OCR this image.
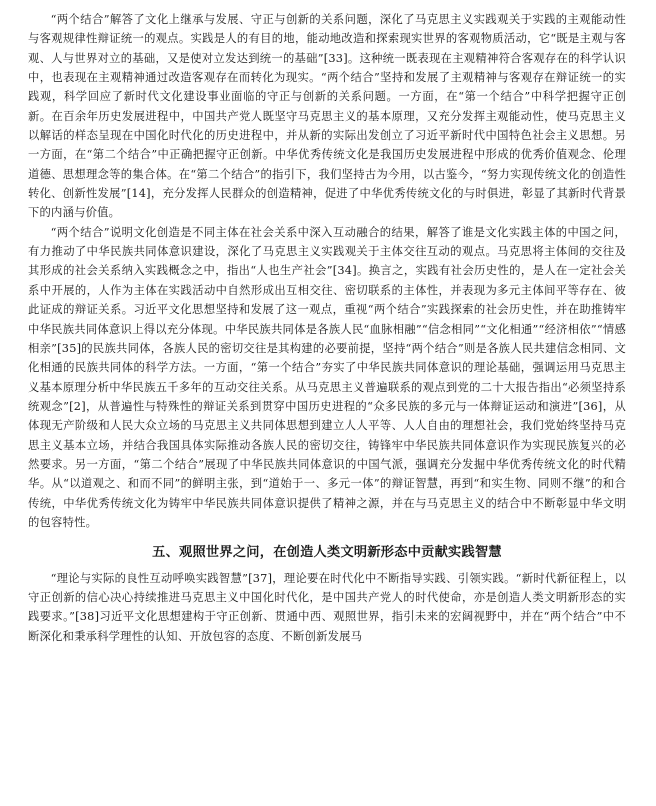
“两个结合”解答了文化上继承与发展、守正与创新的关系问题，深化了马克思主义实践观关于实践的主观能动性与客观规律性辩证统一的观点。实践是人的有目的地，能动地改造和探索现实世界的客观物质活动，它“既是主观与客观、人与世界对立的基础，又是使对立发达到统一的基础”[33]。这种统一既表现在主观精神符合客观存在的科学认识中，也表现在主观精神通过改造客观存在而转化为现实。“两个结合”坚持和发展了主观精神与客观存在辩证统一的实践观，科学回应了新时代文化建设事业面临的守正与创新的关系问题。一方面，在“第一个结合”中科学把握守正创新。在百余年历史发展进程中，中国共产党人既坚守马克思主义的基本原理，又充分发挥主观能动性，使马克思主义以解话的样态呈现在中国化时代化的历史进程中，并从新的实际出发创立了习近平新时代中国特色社会主义思想。另一方面，在“第二个结合”中正确把握守正创新。中华优秀传统文化是我国历史发展进程中形成的优秀价值观念、伦理道德、思想理念等的集合体。在“第二个结合”的指引下，我们坚持古为今用，以古鉴今，“努力实现传统文化的创造性转化、创新性发展”[14]，充分发挥人民群众的创造精神，促进了中华优秀传统文化的与时俱进，彰显了其新时代背景下的内涵与价值。

“两个结合”说明文化创造是不同主体在社会关系中深入互动融合的结果，解答了谁是文化实践主体的中国之问，有力推动了中华民族共同体意识建设，深化了马克思主义实践观关于主体交往互动的观点。马克思将主体间的交往及其形成的社会关系纳入实践概念之中，指出“人也生产社会”[34]。换言之，实践有社会历史性的，是人在一定社会关系中开展的，人作为主体在实践活动中自然形成出互相交往、密切联系的主体性，并表现为多元主体间平等存在、彼此证成的辩证关系。习近平文化思想坚持和发展了这一观点，重视“两个结合”实践探索的社会历史性，并在助推铸牢中华民族共同体意识上得以充分体现。中华民族共同体是各族人民“血脉相融”“信念相同”“文化相通”“经济相依”“情感相亲”[35]的民族共同体，各族人民的密切交往是其构建的必要前提，坚持“两个结合”则是各族人民共建信念相同、文化相通的民族共同体的科学方法。一方面，“第一个结合”夯实了中华民族共同体意识的理论基础，强调运用马克思主义基本原理分析中华民族五千多年的互动交往关系。从马克思主义普遍联系的观点到党的二十大报告指出“必须坚持系统观念”[2]，从普遍性与特殊性的辩证关系到贯穿中国历史进程的“众多民族的多元与一体辩证运动和演进”[36]，从体现无产阶级和人民大众立场的马克思主义共同体思想到建立人人平等、人人自由的理想社会，我们党始终坚持马克思主义基本立场，并结合我国具体实际推动各族人民的密切交往，铸锋牢中华民族共同体意识作为实现民族复兴的必然要求。另一方面，“第二个结合”展现了中华民族共同体意识的中国气派，强调充分发掘中华优秀传统文化的时代精华。从“以道观之、和而不同”的鲜明主张，到“道始于一、多元一体”的辩证智慧，再到“和实生物、同则不继”的和合传统，中华优秀传统文化为铸牢中华民族共同体意识提供了精神之源，并在与马克思主义的结合中不断彰显中华文明的包容特性。

五、观照世界之问，在创造人类文明新形态中贡献实践智慧

“理论与实际的良性互动呼唤实践智慧”[37]，理论要在时代化中不断指导实践、引领实践。“新时代新征程上，以守正创新的信心决心持续推进马克思主义中国化时代化，是中国共产党人的时代使命，亦是创造人类文明新形态的实践要求。”[38]习近平文化思想建构于守正创新、贯通中西、观照世界，指引未来的宏阔视野中，并在“两个结合”中不断深化和秉承科学理性的认知、开放包容的态度、不断创新发展马
